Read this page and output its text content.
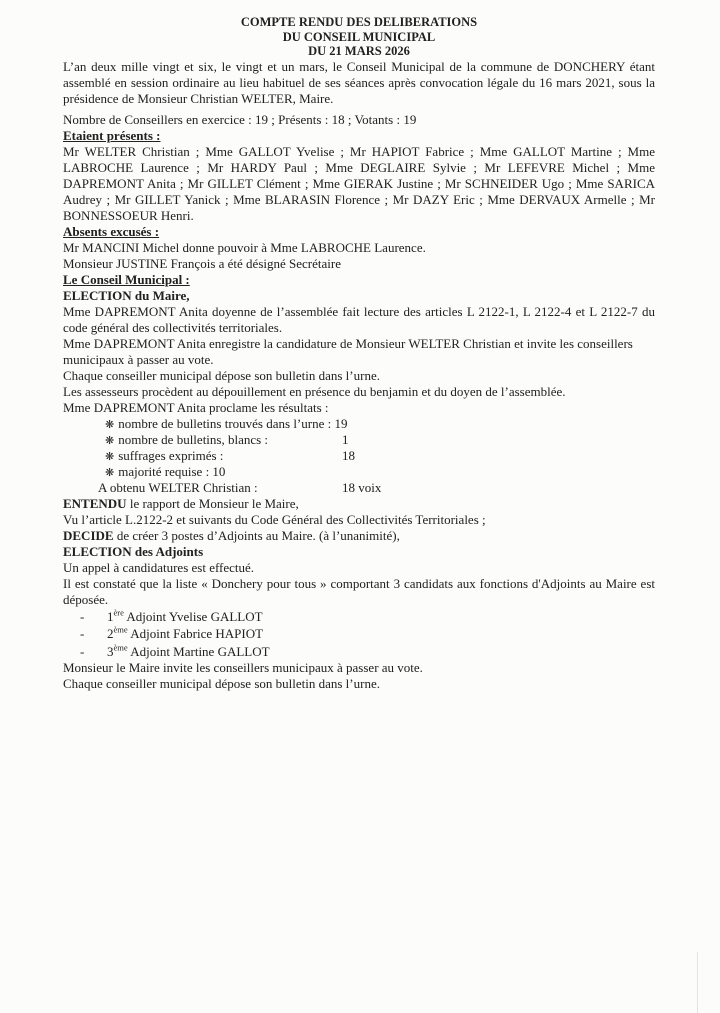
COMPTE RENDU DES DELIBERATIONS
DU CONSEIL MUNICIPAL
DU 21 MARS 2026
L’an deux mille vingt et six, le vingt et un mars, le Conseil Municipal de la commune de DONCHERY étant assemblé en session ordinaire au lieu habituel de ses séances après convocation légale du 16 mars 2021, sous la présidence de Monsieur Christian WELTER, Maire.
Nombre de Conseillers en exercice : 19 ; Présents : 18 ; Votants : 19
Etaient présents :
Mr WELTER Christian ; Mme GALLOT Yvelise ; Mr HAPIOT Fabrice ; Mme GALLOT Martine ; Mme LABROCHE Laurence ; Mr HARDY Paul ; Mme DEGLAIRE Sylvie ; Mr LEFEVRE Michel ; Mme DAPREMONT Anita ; Mr GILLET Clément ; Mme GIERAK Justine ; Mr SCHNEIDER Ugo ; Mme SARICA Audrey ; Mr GILLET Yanick ; Mme BLARASIN Florence ; Mr DAZY Eric ; Mme DERVAUX Armelle ; Mr BONNESSOEUR Henri.
Absents excusés :
Mr MANCINI Michel donne pouvoir à Mme LABROCHE Laurence.
Monsieur JUSTINE François a été désigné Secrétaire
Le Conseil Municipal :
ELECTION du Maire,
Mme DAPREMONT Anita doyenne de l’assemblée fait lecture des articles L 2122-1, L 2122-4 et L 2122-7 du code général des collectivités territoriales.
Mme DAPREMONT Anita enregistre la candidature de Monsieur WELTER Christian et invite les conseillers municipaux à passer au vote.
Chaque conseiller municipal dépose son bulletin dans l’urne.
Les assesseurs procèdent au dépouillement en présence du benjamin et du doyen de l’assemblée.
Mme DAPREMONT Anita proclame les résultats :
❋ nombre de bulletins trouvés dans l’urne : 19
❋ nombre de bulletins, blancs :	1
❋ suffrages exprimés :	18
❋ majorité requise : 10
A obtenu WELTER Christian :	18 voix
ENTENDU le rapport de Monsieur le Maire,
Vu l’article L.2122-2 et suivants du Code Général des Collectivités Territoriales ;
DECIDE de créer 3 postes d’Adjoints au Maire. (à l’unanimité),
ELECTION des Adjoints
Un appel à candidatures est effectué.
Il est constaté que la liste « Donchery pour tous » comportant 3 candidats aux fonctions d'Adjoints au Maire est déposée.
- 1ère Adjoint Yvelise GALLOT
- 2ème Adjoint Fabrice HAPIOT
- 3ème Adjoint Martine GALLOT
Monsieur le Maire invite les conseillers municipaux à passer au vote.
Chaque conseiller municipal dépose son bulletin dans l’urne.
